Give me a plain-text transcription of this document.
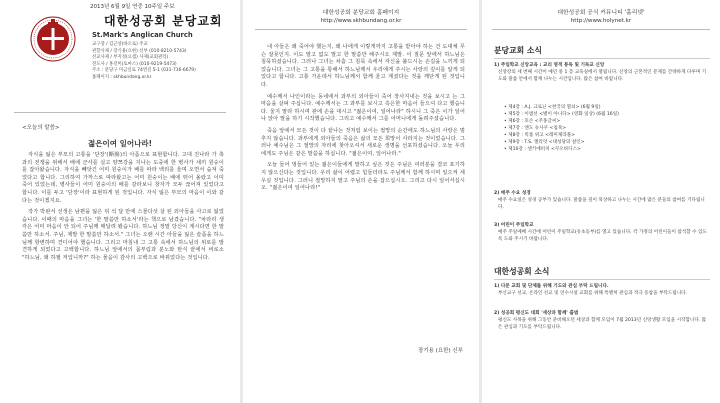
2013년 6월 9일 연중 10주일 주보
대한성공회 분당교회
St.Mark's Anglican Church
교구장 / 김근상(바오로) 주교
관할사제 / 장기용(요한) 신부 (010-8210-5743)
선교사제 / 부지성(요셉) 사제(교회관리)
전도사 / 홍강미(토마스) (010-9219-5473)
주소 : 분당구 미금일로 74번길 5-1 (031-716-6679)
홈페이지 : skhbundang.or.kr
<오늘의 말씀>
젊은이여 일어나라!

자식을 잃은 부모의 고통을 '단장'(斷腸)의 아픔으로 표현합니다. 고대 진나라 가 촉과의 전쟁을 위해서 배에 군사를 실고 양쯔강을 지나는 도중에 한 병사가 새끼 원숭이를 잡아왔습니다. 자식을 빼앗긴 어미 원숭이가 배를 따라 백리를 울며 오면서 숨져 죽었다고 합니다. 그리하여 가까스로 따라왔고는 어미 원숭이는 배에 뛰어 올랐고 이미 죽어 있었는데, 병사들이 어미 원숭이의 배를 갈라보니 창자가 모두 끊어져 있었다고 합니다. 이를 두고 '단장'이라 표현하게 된 것입니다. 자식 잃은 부모의 마음이 이와 같다는 것이겠지요.

작가 박완서 선생은 남편을 잃은 뒤 석 달 만에 스물다섯 살 된 외아들을 사고로 잃었습니다. 이때의 마음을 그녀는 '한 말씀만 하소서'라는 책으로 남겼습니다. "차라리 생각은 어미 마음이 안 되어 주님께 매달려 봤습니다. 하느님 정말 당신이 계시다면 한 말씀만 하소서. 주님, 제발 한 말씀만 하소서." 그녀는 오랜 시간 아들을 잃은 슬픔을 하느님께 항변하며 견디어야 했습니다. 그리고 마침내 그 고통 속에서 하느님의 위로를 발견하게 되었다고 고백합니다. 하느님 앞에서의 몸부림과 분노와 탄식 끝에서 비로소 "하느님, 왜 하필 저입니까?" 하는 물음이 감사의 고백으로 바뀌었다는 것입니다.

대한성공회 분당교회 홈페이지
http://www.skhbundang.or.kr

내 아들은 왜 죽어야 했는지, 왜 나에게 이렇게까지 고통을 받아야 하는 건 도대체 무슨 잘못인지. 이도 말고 없도 말고 한 말씀만 해주시오 제발. 이 질문 앞에서 하느님은 침묵하셨습니다. 그러나 그녀는 차츰 그 침묵 속에서 자신을 붙드시는 손길을 느끼게 되었습니다. 그녀는 그 고통을 통해서 하느님께서 우리에게 주시는 사랑의 깊이를 알게 되었다고 합니다. 고통 가운데서 하느님께서 함께 울고 계셨다는 것을 깨닫게 된 것입니다.

예수께서 나인이라는 동네에서 과부의 외아들이 죽어 장사지내는 것을 보시고 는 그 마음을 살펴 주십니다. 예수께서는 그 과부를 보시고 측은한 마음이 들으셔 다고 했습니다. 울지 말라 하시며 관에 손을 대시고 "젊은이여, 일어나라" 하시니 그 죽은 이가 일어나 앉아 말을 하기 시작했습니다. 그리고 예수께서 그를 어머니에게 돌려주셨습니다.

죽음 앞에서 모든 것이 다 끝나는 것처럼 보이는 절망의 순간에도 하느님의 사랑은 멈추지 않습니다. 과부에게 외아들의 죽음은 삶의 모든 희망이 사라지는 것이었습니다. 그러나 예수님은 그 절망의 자리에 찾아오셔서 새로운 생명을 선포하셨습니다. 오늘 우리에게도 주님은 같은 말씀을 하십니다. "젊은이여, 일어나라."

오늘 들어 멍들어 있는 젊은이들에게 말하고 싶은 것은 주님은 여러분을 결코 포기하지 않으신다는 것입니다. 우리 삶이 어렵고 힘들더라도 주님께서 함께 하시며 일으켜 세우실 것입니다. 그러니 절망하지 말고 주님의 손을 잡으십시오. 그리고 다시 일어서십시오. "젊은이여 일어나라!"

장기용 (요한) 신부
대한성공회 공식 커뮤니티 '홀리넷'
http://www.holynet.kr
분당교회 소식
1) 주일학교 신앙교육 : 교리 영적 통독 및 기독교 신앙

신앙강의 세 번째 시간이 예년 중 1 층 교육실에서 열립니다. 신앙의 근본적인 문제를 간략하게 다루며 기도와 말씀 안에서 함께 나누는 시간입니다. 많은 참여 바랍니다.

• 제4강 : A.J. 크로닌 <천국의 열쇠> (6월 9일)
• 제5강 : 이범선 <별이 아니다> (영화 일상) (6월 16일)
• 제6강 : 호손 <주홍글씨>
• 제7강 : 엔도 슈사쿠 <침묵>
• 제8강 : 빅톨 위고 <레미제라블>
• 제9강 : T.S. 엘리엇 <대성당의 살인>
• 제10강 : 셴키에비치 <쿠오바디스>
2) 매주 수요 성경

매주 수요일은 성경 공부가 있습니다. 말씀을 깊이 묵상하고 나누는 시간에 많은 분들의 참여를 기다립니다.

3) 어린이 주일학교

매주 주일예배 시간에 어린이 주일학교(유초등부)를 열고 있습니다. 각 가정의 어린이들이 참석할 수 있도록 도와 주시기 바랍니다.

대한성공회 소식
1) 다문 교회 및 단체를 위해 기도와 관심 부탁 드립니다.

부산교구 선교, 온라인 선교 및 연수시설 교회를 위해 특별히 관심과 적극 동참을 부탁드립니다.

2) 성공회 평신도 대회 '세상과 함께' 출범

평신도 사목을 위해 그동안 준비해오던 세상과 함께 모임이 7월 2013년 신앙생활 모임을 시작합니다. 많은 관심과 기도를 부탁드립니다.
